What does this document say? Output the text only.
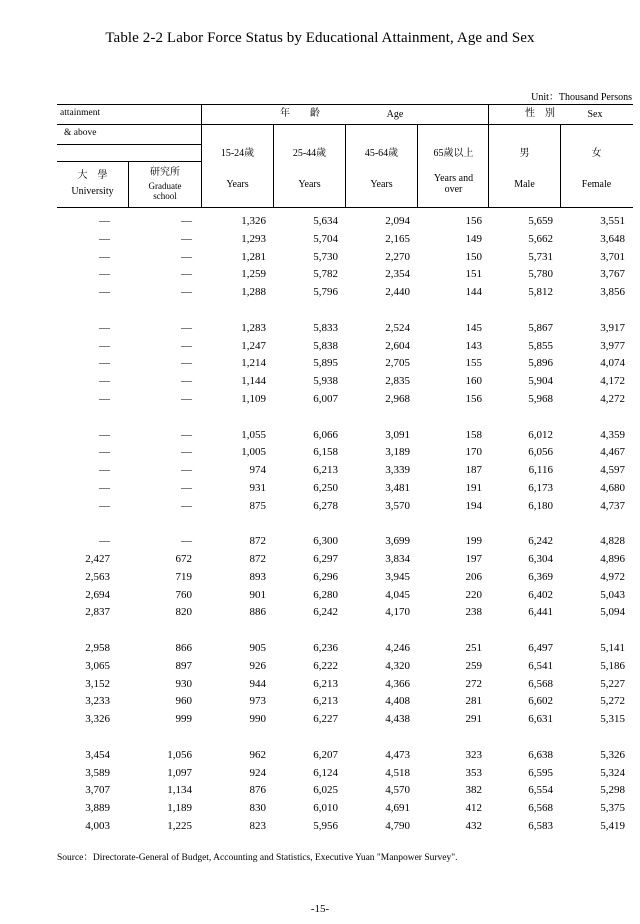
Table 2-2 Labor Force Status by Educational Attainment, Age and Sex
Unit：Thousand Persons
attainment
& above
年　　齡	Age	性　別	Sex
大　學
University
研究所
Graduate school
15-24歲
Years
25-44歲
Years
45-64歲
Years
65歲以上
Years and over
男
Male
女
Female
—	—	1,326	5,634	2,094	156	5,659	3,551
—	—	1,293	5,704	2,165	149	5,662	3,648
—	—	1,281	5,730	2,270	150	5,731	3,701
—	—	1,259	5,782	2,354	151	5,780	3,767
—	—	1,288	5,796	2,440	144	5,812	3,856
—	—	1,283	5,833	2,524	145	5,867	3,917
—	—	1,247	5,838	2,604	143	5,855	3,977
—	—	1,214	5,895	2,705	155	5,896	4,074
—	—	1,144	5,938	2,835	160	5,904	4,172
—	—	1,109	6,007	2,968	156	5,968	4,272
—	—	1,055	6,066	3,091	158	6,012	4,359
—	—	1,005	6,158	3,189	170	6,056	4,467
—	—	974	6,213	3,339	187	6,116	4,597
—	—	931	6,250	3,481	191	6,173	4,680
—	—	875	6,278	3,570	194	6,180	4,737
—	—	872	6,300	3,699	199	6,242	4,828
2,427	672	872	6,297	3,834	197	6,304	4,896
2,563	719	893	6,296	3,945	206	6,369	4,972
2,694	760	901	6,280	4,045	220	6,402	5,043
2,837	820	886	6,242	4,170	238	6,441	5,094
2,958	866	905	6,236	4,246	251	6,497	5,141
3,065	897	926	6,222	4,320	259	6,541	5,186
3,152	930	944	6,213	4,366	272	6,568	5,227
3,233	960	973	6,213	4,408	281	6,602	5,272
3,326	999	990	6,227	4,438	291	6,631	5,315
3,454	1,056	962	6,207	4,473	323	6,638	5,326
3,589	1,097	924	6,124	4,518	353	6,595	5,324
3,707	1,134	876	6,025	4,570	382	6,554	5,298
3,889	1,189	830	6,010	4,691	412	6,568	5,375
4,003	1,225	823	5,956	4,790	432	6,583	5,419
Source：Directorate-General of Budget, Accounting and Statistics, Executive Yuan "Manpower Survey".
-15-
